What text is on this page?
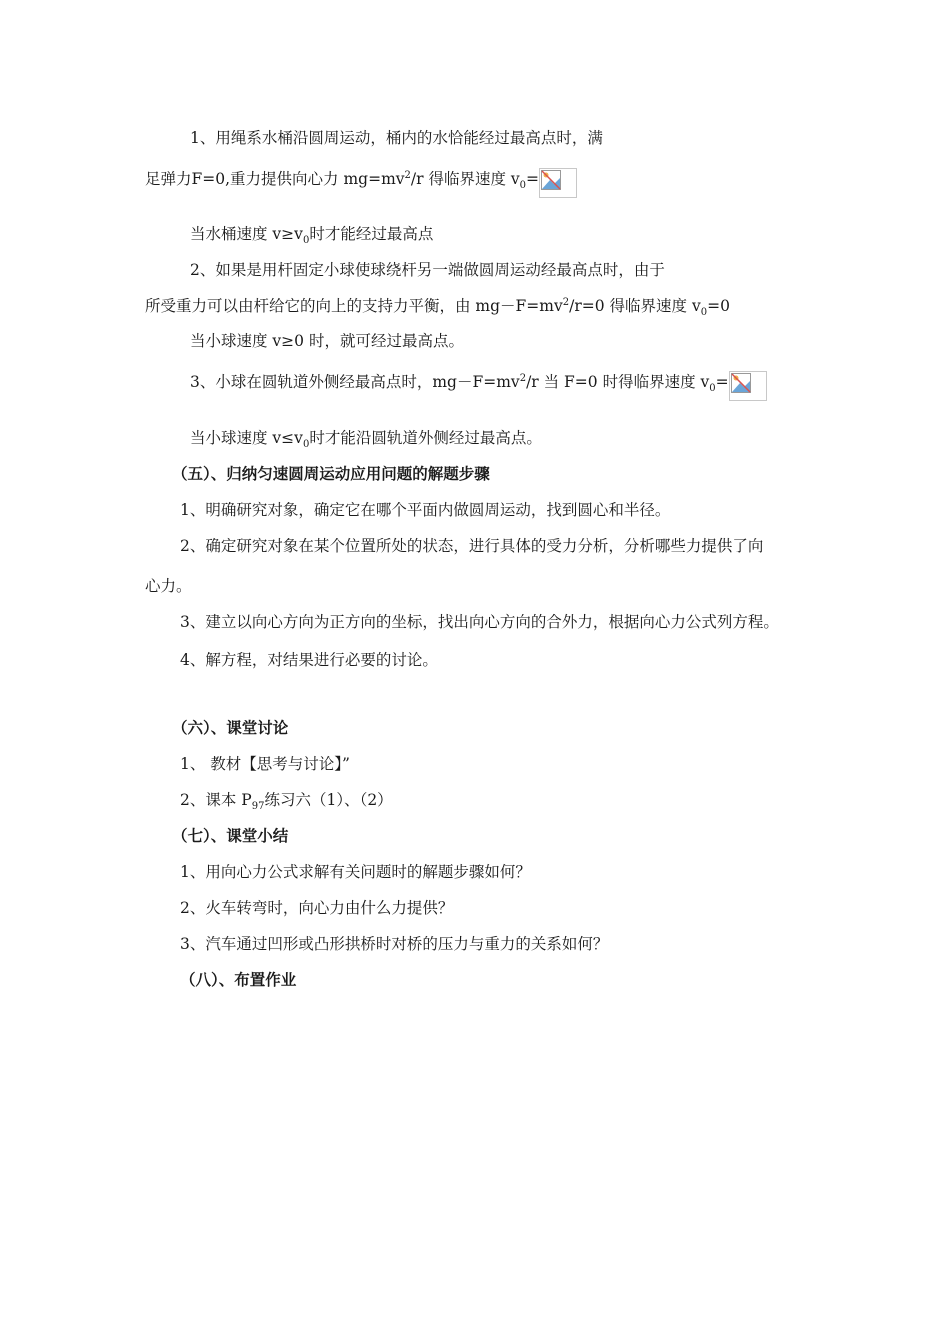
1、用绳系水桶沿圆周运动，桶内的水恰能经过最高点时，满
足弹力F=0,重力提供向心力 $mg=mv^2/r$ 得临界速度 $v_0=$
当水桶速度 $v\ge v_0$时才能经过最高点
2、如果是用杆固定小球使球绕杆另一端做圆周运动经最高点时，由于
所受重力可以由杆给它的向上的支持力平衡，由 $mg-F=mv^2/r=0$ 得临界速度 $v_0=0$
当小球速度 v≥0 时，就可经过最高点。
3、小球在圆轨道外侧经最高点时，$mg-F=mv^2/r$ 当 F=0 时得临界速度 $v_0=$
当小球速度 $v\le v_0$时才能沿圆轨道外侧经过最高点。
（五）、归纳匀速圆周运动应用问题的解题步骤
1、明确研究对象，确定它在哪个平面内做圆周运动，找到圆心和半径。
2、确定研究对象在某个位置所处的状态，进行具体的受力分析，分析哪些力提供了向
心力。
3、建立以向心方向为正方向的坐标，找出向心方向的合外力，根据向心力公式列方程。
4、解方程，对结果进行必要的讨论。
（六）、课堂讨论
1、 教材【思考与讨论】”
2、课本 $P_{97}$练习六（1）、（2）
（七）、课堂小结
1、用向心力公式求解有关问题时的解题步骤如何？
2、火车转弯时，向心力由什么力提供？
3、汽车通过凹形或凸形拱桥时对桥的压力与重力的关系如何？
（八）、布置作业
